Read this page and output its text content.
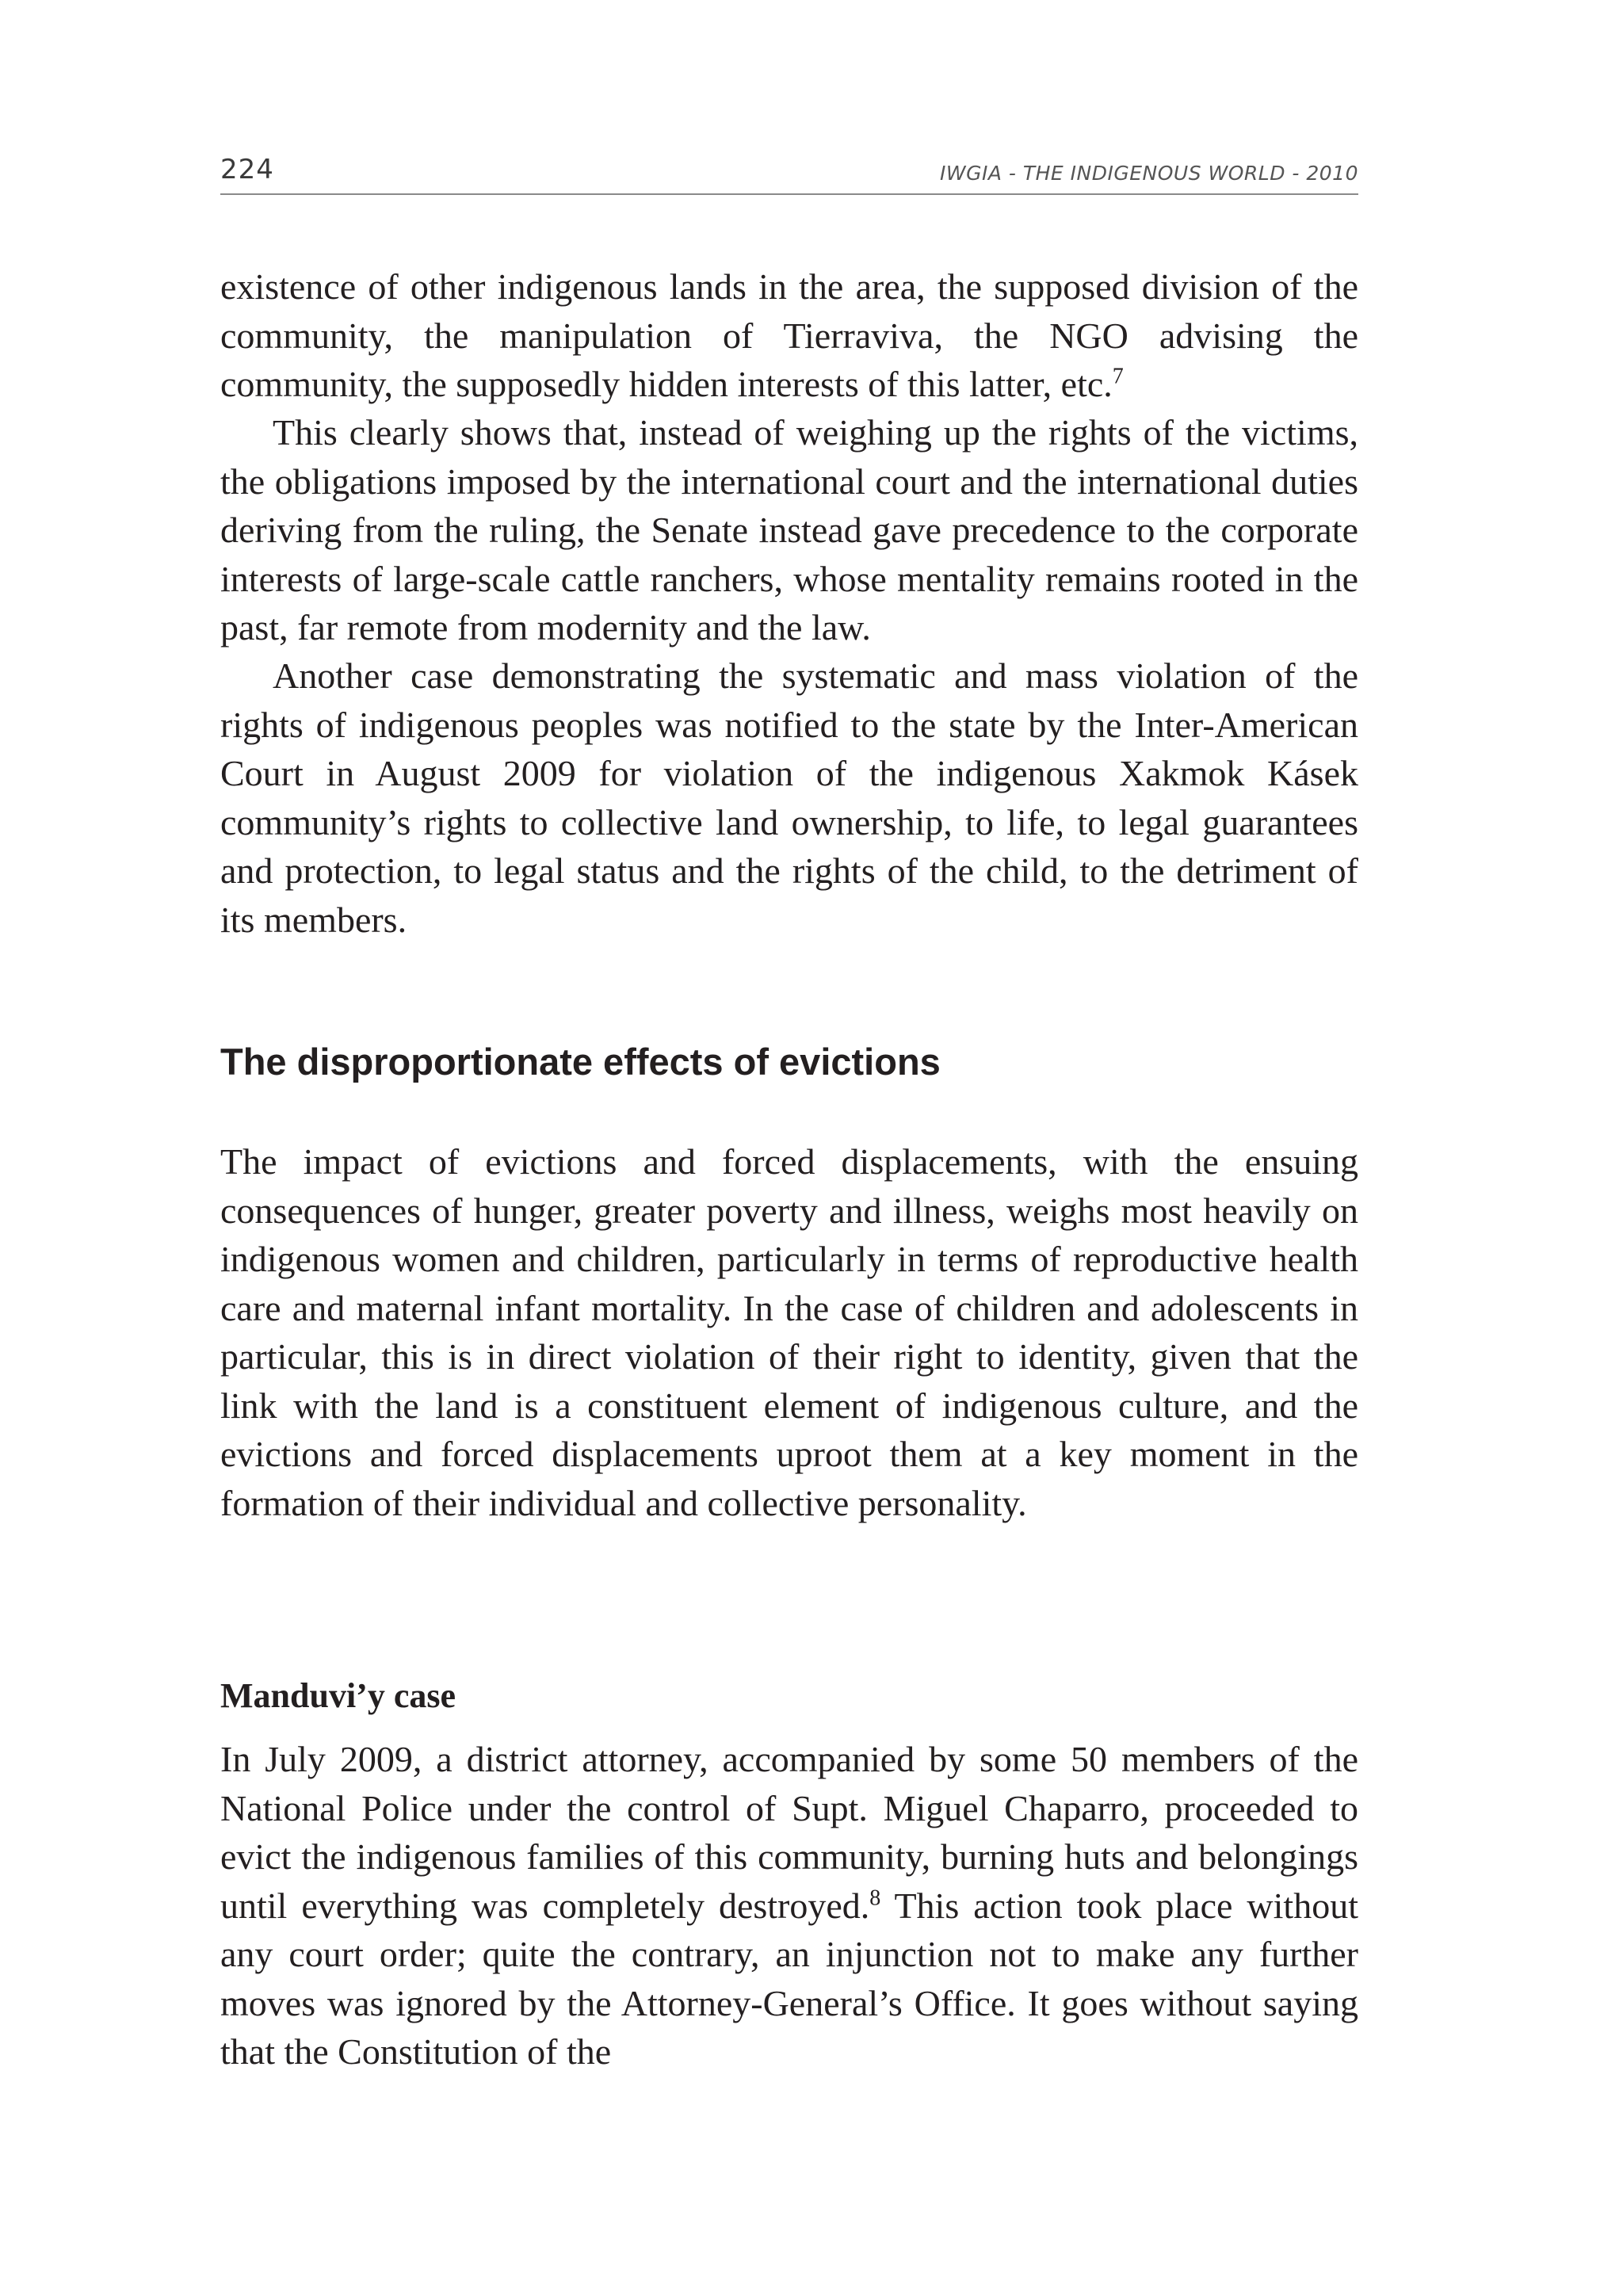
224	IWGIA - THE INDIGENOUS WORLD - 2010

existence of other indigenous lands in the area, the supposed division of the community, the manipulation of Tierraviva, the NGO advising the community, the supposedly hidden interests of this latter, etc.$^7$

This clearly shows that, instead of weighing up the rights of the victims, the obligations imposed by the international court and the international duties deriving from the ruling, the Senate instead gave precedence to the corporate interests of large-scale cattle ranchers, whose mentality remains rooted in the past, far remote from modernity and the law.

Another case demonstrating the systematic and mass violation of the rights of indigenous peoples was notified to the state by the Inter-American Court in August 2009 for violation of the indigenous Xakmok Kásek community’s rights to collective land ownership, to life, to legal guarantees and protection, to legal status and the rights of the child, to the detriment of its members.

The disproportionate effects of evictions

The impact of evictions and forced displacements, with the ensuing consequences of hunger, greater poverty and illness, weighs most heavily on indigenous women and children, particularly in terms of reproductive health care and maternal infant mortality. In the case of children and adolescents in particular, this is in direct violation of their right to identity, given that the link with the land is a constituent element of indigenous culture, and the evictions and forced displacements uproot them at a key moment in the formation of their individual and collective personality.

Manduvi’y case

In July 2009, a district attorney, accompanied by some 50 members of the National Police under the control of Supt. Miguel Chaparro, proceeded to evict the indigenous families of this community, burning huts and belongings until everything was completely destroyed.$^8$ This action took place without any court order; quite the contrary, an injunction not to make any further moves was ignored by the Attorney-General’s Office. It goes without saying that the Constitution of the
